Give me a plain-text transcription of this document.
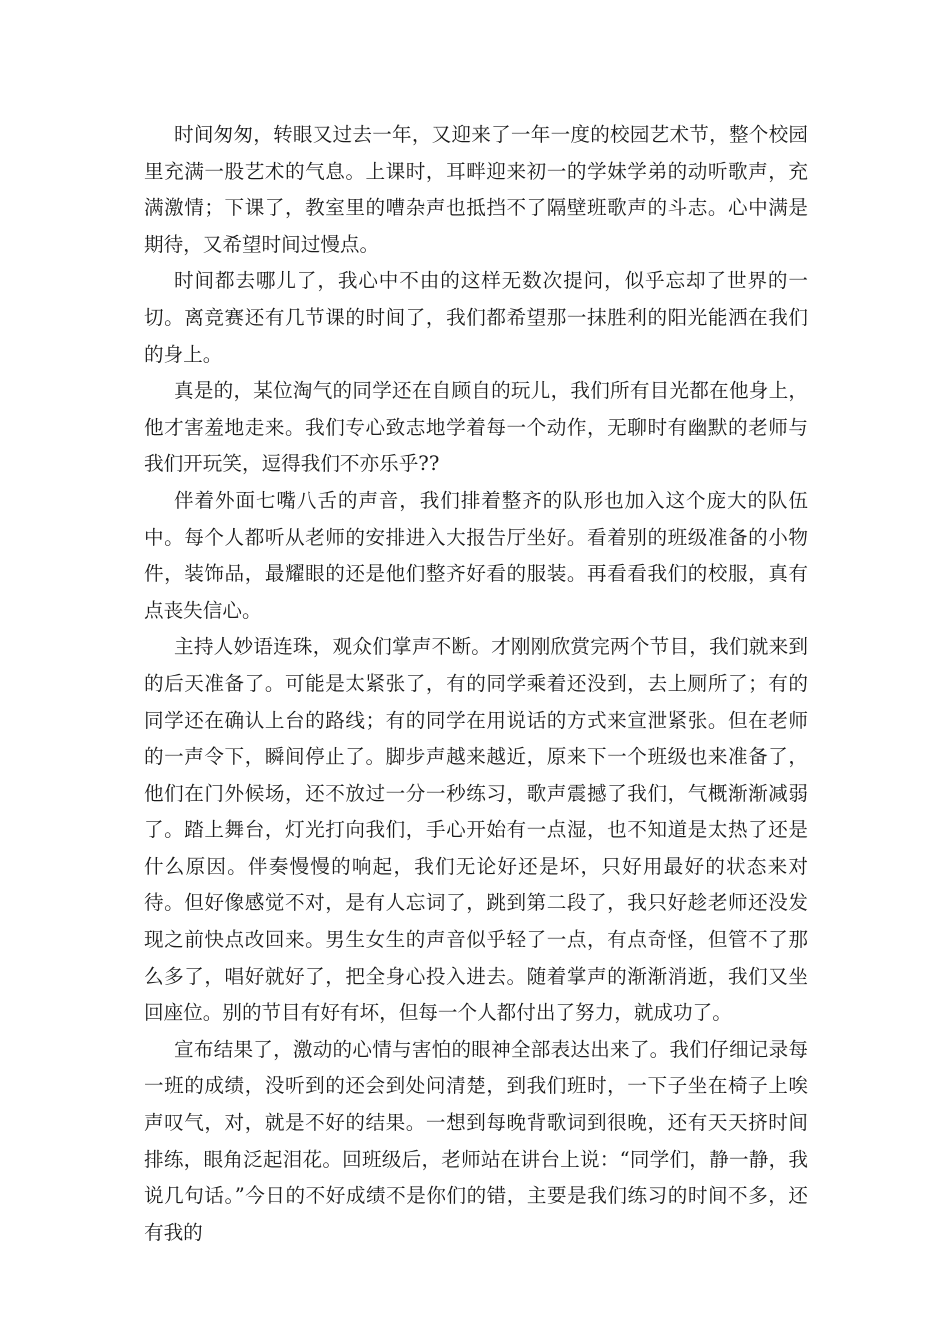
时间匆匆，转眼又过去一年，又迎来了一年一度的校园艺术节，整个校园里充满一股艺术的气息。上课时，耳畔迎来初一的学妹学弟的动听歌声，充满激情；下课了，教室里的嘈杂声也抵挡不了隔壁班歌声的斗志。心中满是期待，又希望时间过慢点。

时间都去哪儿了，我心中不由的这样无数次提问，似乎忘却了世界的一切。离竞赛还有几节课的时间了，我们都希望那一抹胜利的阳光能洒在我们的身上。

真是的，某位淘气的同学还在自顾自的玩儿，我们所有目光都在他身上，他才害羞地走来。我们专心致志地学着每一个动作，无聊时有幽默的老师与我们开玩笑，逗得我们不亦乐乎??

伴着外面七嘴八舌的声音，我们排着整齐的队形也加入这个庞大的队伍中。每个人都听从老师的安排进入大报告厅坐好。看着别的班级准备的小物件，装饰品，最耀眼的还是他们整齐好看的服装。再看看我们的校服，真有点丧失信心。

主持人妙语连珠，观众们掌声不断。才刚刚欣赏完两个节目，我们就来到的后天准备了。可能是太紧张了，有的同学乘着还没到，去上厕所了；有的同学还在确认上台的路线；有的同学在用说话的方式来宣泄紧张。但在老师的一声令下，瞬间停止了。脚步声越来越近，原来下一个班级也来准备了，他们在门外候场，还不放过一分一秒练习，歌声震撼了我们，气概渐渐减弱了。踏上舞台，灯光打向我们，手心开始有一点湿，也不知道是太热了还是什么原因。伴奏慢慢的响起，我们无论好还是坏，只好用最好的状态来对待。但好像感觉不对，是有人忘词了，跳到第二段了，我只好趁老师还没发现之前快点改回来。男生女生的声音似乎轻了一点，有点奇怪，但管不了那么多了，唱好就好了，把全身心投入进去。随着掌声的渐渐消逝，我们又坐回座位。别的节目有好有坏，但每一个人都付出了努力，就成功了。

宣布结果了，激动的心情与害怕的眼神全部表达出来了。我们仔细记录每一班的成绩，没听到的还会到处问清楚，到我们班时，一下子坐在椅子上唉声叹气，对，就是不好的结果。一想到每晚背歌词到很晚，还有天天挤时间排练，眼角泛起泪花。回班级后，老师站在讲台上说：“同学们，静一静，我说几句话。”今日的不好成绩不是你们的错，主要是我们练习的时间不多，还有我的
